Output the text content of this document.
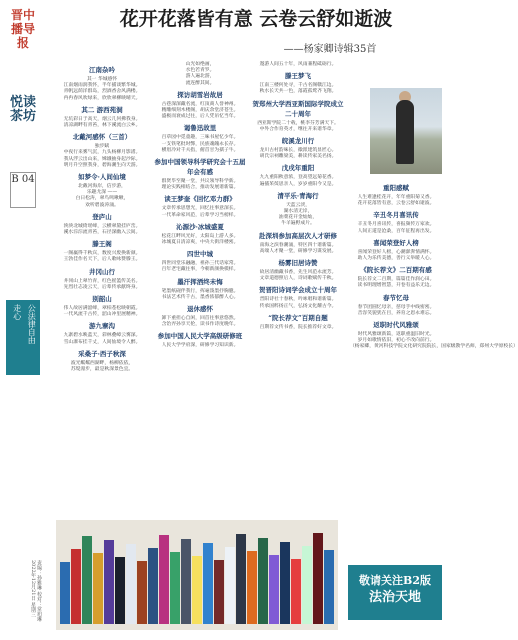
晋中播导报
悦读茶坊
B 04
走心 公法律自由
责编：孙雅琳 校对：常旭琳 2022年12月21日 星期三
花开花落皆有意 云卷云舒如逝波
——杨家卿诗辑35首
江南杂吟
其一 华城感怀
江南烟雨润我怀，半年捕谈繁华城。
青帆远荫洋群岛，烈酒香舍风满楼。
冉冉春风吹绿来，欣欣翠柳映晴天。
其二 游西苑洞
无坑彩日于高天，烟云几何拂我身。
清凉湖畔有青苔，林下溪流白云乡。
北戴河感怀（三首）
独步賦
中夜行来雾气沉，九头杨柳月影渚。
我从浮云出山来，嫦娥抽身起沙际。
明月升空照我身，碧海潮生向天游。
如梦令·人间仙境
北戴河海岸，信步游，
乐趣尤深 ——
白日松涛，翠鸟鸣啾啾，
欢听碧波涛涌。
登庐山
泱泱北城倚瑶峰，云横翠黛挂庐峦。
溪水淙淙流青苔，石径深幽入云间。
滕王阁
一阁赢得千秋宾，数度兴废换新颜。
王勃佳作名天下，后人歌咏赞滕王。
井冈山行
井冈山上翠竹青，红色摇篮传美名。
先烈壮志凌云天，后辈传承献终身。
别韶山
伟人故居满韶峰，翠柏苍松映朝霞。
一代风流千古传，韶山冲里展精神。
游九寨沟
九寨碧水映蓝天，彩林叠嶂云雾深。
雪山瀑布挂千丈，人间仙境令人醉。
采桑子·西子秋深
波光粼粼西湖畔，杨柳依依，
苏堤漫步，最是秋深景色宜。
山光如绝画，
水色若青罗。
游人遍北游，
流连醉其间。
探访胡雪岩故居
古巷深深藏名流，红顶商人誉神州。
精雕细刻木楼阁，胡庆余堂济苍生。
盛极而衰成过往，后人凭吊忆当年。
谒鲁迅故里
百草园中觅童趣，三味书屋忆少年。
一支铁笔批时弊，民族魂魄永长存。
横眉冷对千夫指，俯首甘为孺子牛。
参加中国领导科学研究会十五届年会有感
群贤毕至聚一堂，共议领导科学新。
理论实践相结合，推动发展谱新篇。
读王梦奎《回忆邓力群》
文章传承思想光，回忆往事意深长。
一代革命家风范，后辈学习当榜样。
沁源沙·冰城盛夏
松花江畔风光好，太阳岛上游人多。
冰城夏日清凉爽，中央大街洋楼密。
四世中城
四世同堂乐融融，祖孙三代话家常。
百年老宅藏往事，今朝新颜换模样。
墨汗挥洒终未悔
笔墨纸砚伴我行，挥毫泼墨抒胸臆。
书法艺术传千古，墨香浓郁醉人心。
退休感怀
卸下重担心自闲，回首往事意悠然。
含饴弄孙享天伦，读书作诗度晚年。
参加中国人民大学高级研修班
人民大学学府深，研修学习知识新。
遨游人间五十年，风雨兼程砥砺行。
滕王梦飞
江南三楼何处寻，千古名阁赣江边。
秋水长天共一色，落霞孤鹜齐飞翔。
贺郑州大学西亚斯国际学院成立二十周年
西亚斯学院二十载，桃李芬芳满天下。
中外合作育英才，继往开来谱华章。
皖溪龙川行
龙川古村韵味长，徽派建筑显匠心。
胡氏宗祠雕梁美，耕读传家美名扬。
戊戌年重阳
九九重阳秋意浓，登高望远菊花香。
遍插茱萸思亲人，岁岁重阳今又是。
清平乐·青海行
天蓝云淡，
湖水清无岸，
油菜花开金灿灿，
牛羊遍野成片。
赴深圳参加高层次人才研修
南海之滨春潮涌，特区四十谱新篇。
高端人才聚一堂，研修学习谋发展。
杨雾旧居诗赞
故居清幽藏书香，先生风范永流芳。
文章道德照后人，诗词歌赋传千秋。
贺晋阳诗词学会成立十周年
晋阳诗社十春秋，吟咏唱和谱新篇。
传承国粹扬正气，弘扬文化耀古今。
“院长荐文”百期自题
百期荐文传书香，院长推荐好文章。
重阳感赋
人生难逢桂花开，年年重阳菊又香。
花开花落皆有意，云卷云舒如逝波。
辛丑冬月喜讯传
辛丑冬月喜讯传，喜报频传万家欢。
人间正道是沧桑，百年征程再出发。
喜闻荣登好人榜
喜闻荣登好人榜，心潮澎湃情满怀。
助人为乐传美德，善行义举暖人心。
《院长荐文》二百期有感
院长荐文二百期，篇篇佳作润心田。
读书明理增智慧，开卷有益乐无边。
春节忆母
春节团圆忆母亲，慈母手中线密密。
音容笑貌犹在目，养育之恩永难忘。
返职时代风雅颂
时代风雅颂新篇，返职重温旧时光。
岁月如歌情依旧，初心不改向前行。
（杨家卿，黄河科技学院文化研究院院长，国家级教学名师，郑州大学原校长）
敬请关注B2版
法治天地
